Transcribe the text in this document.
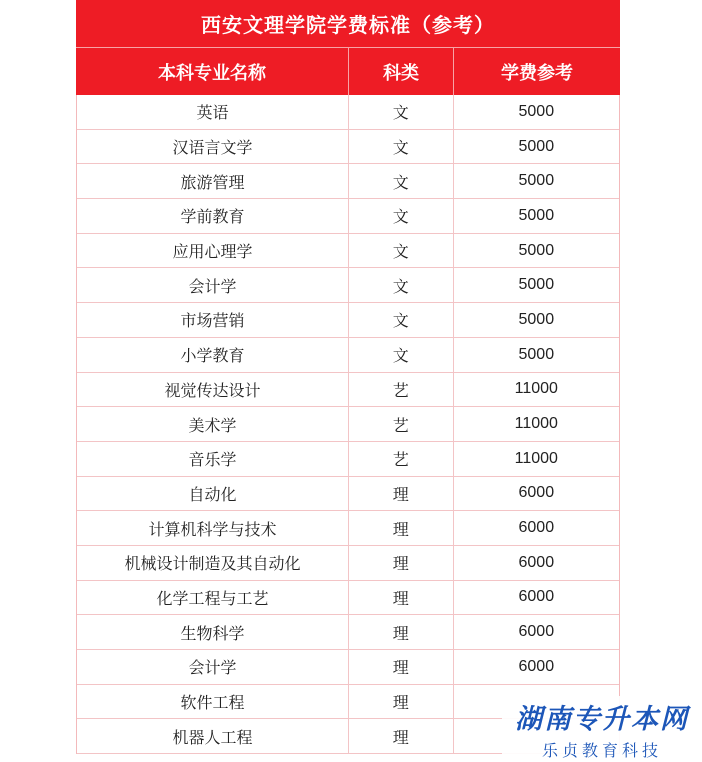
西安文理学院学费标准（参考）
本科专业名称	科类	学费参考
英语	文	5000
汉语言文学	文	5000
旅游管理	文	5000
学前教育	文	5000
应用心理学	文	5000
会计学	文	5000
市场营销	文	5000
小学教育	文	5000
视觉传达设计	艺	11000
美术学	艺	11000
音乐学	艺	11000
自动化	理	6000
计算机科学与技术	理	6000
机械设计制造及其自动化	理	6000
化学工程与工艺	理	6000
生物科学	理	6000
会计学	理	6000
软件工程	理
机器人工程	理
湖南专升本网
乐贞教育科技
